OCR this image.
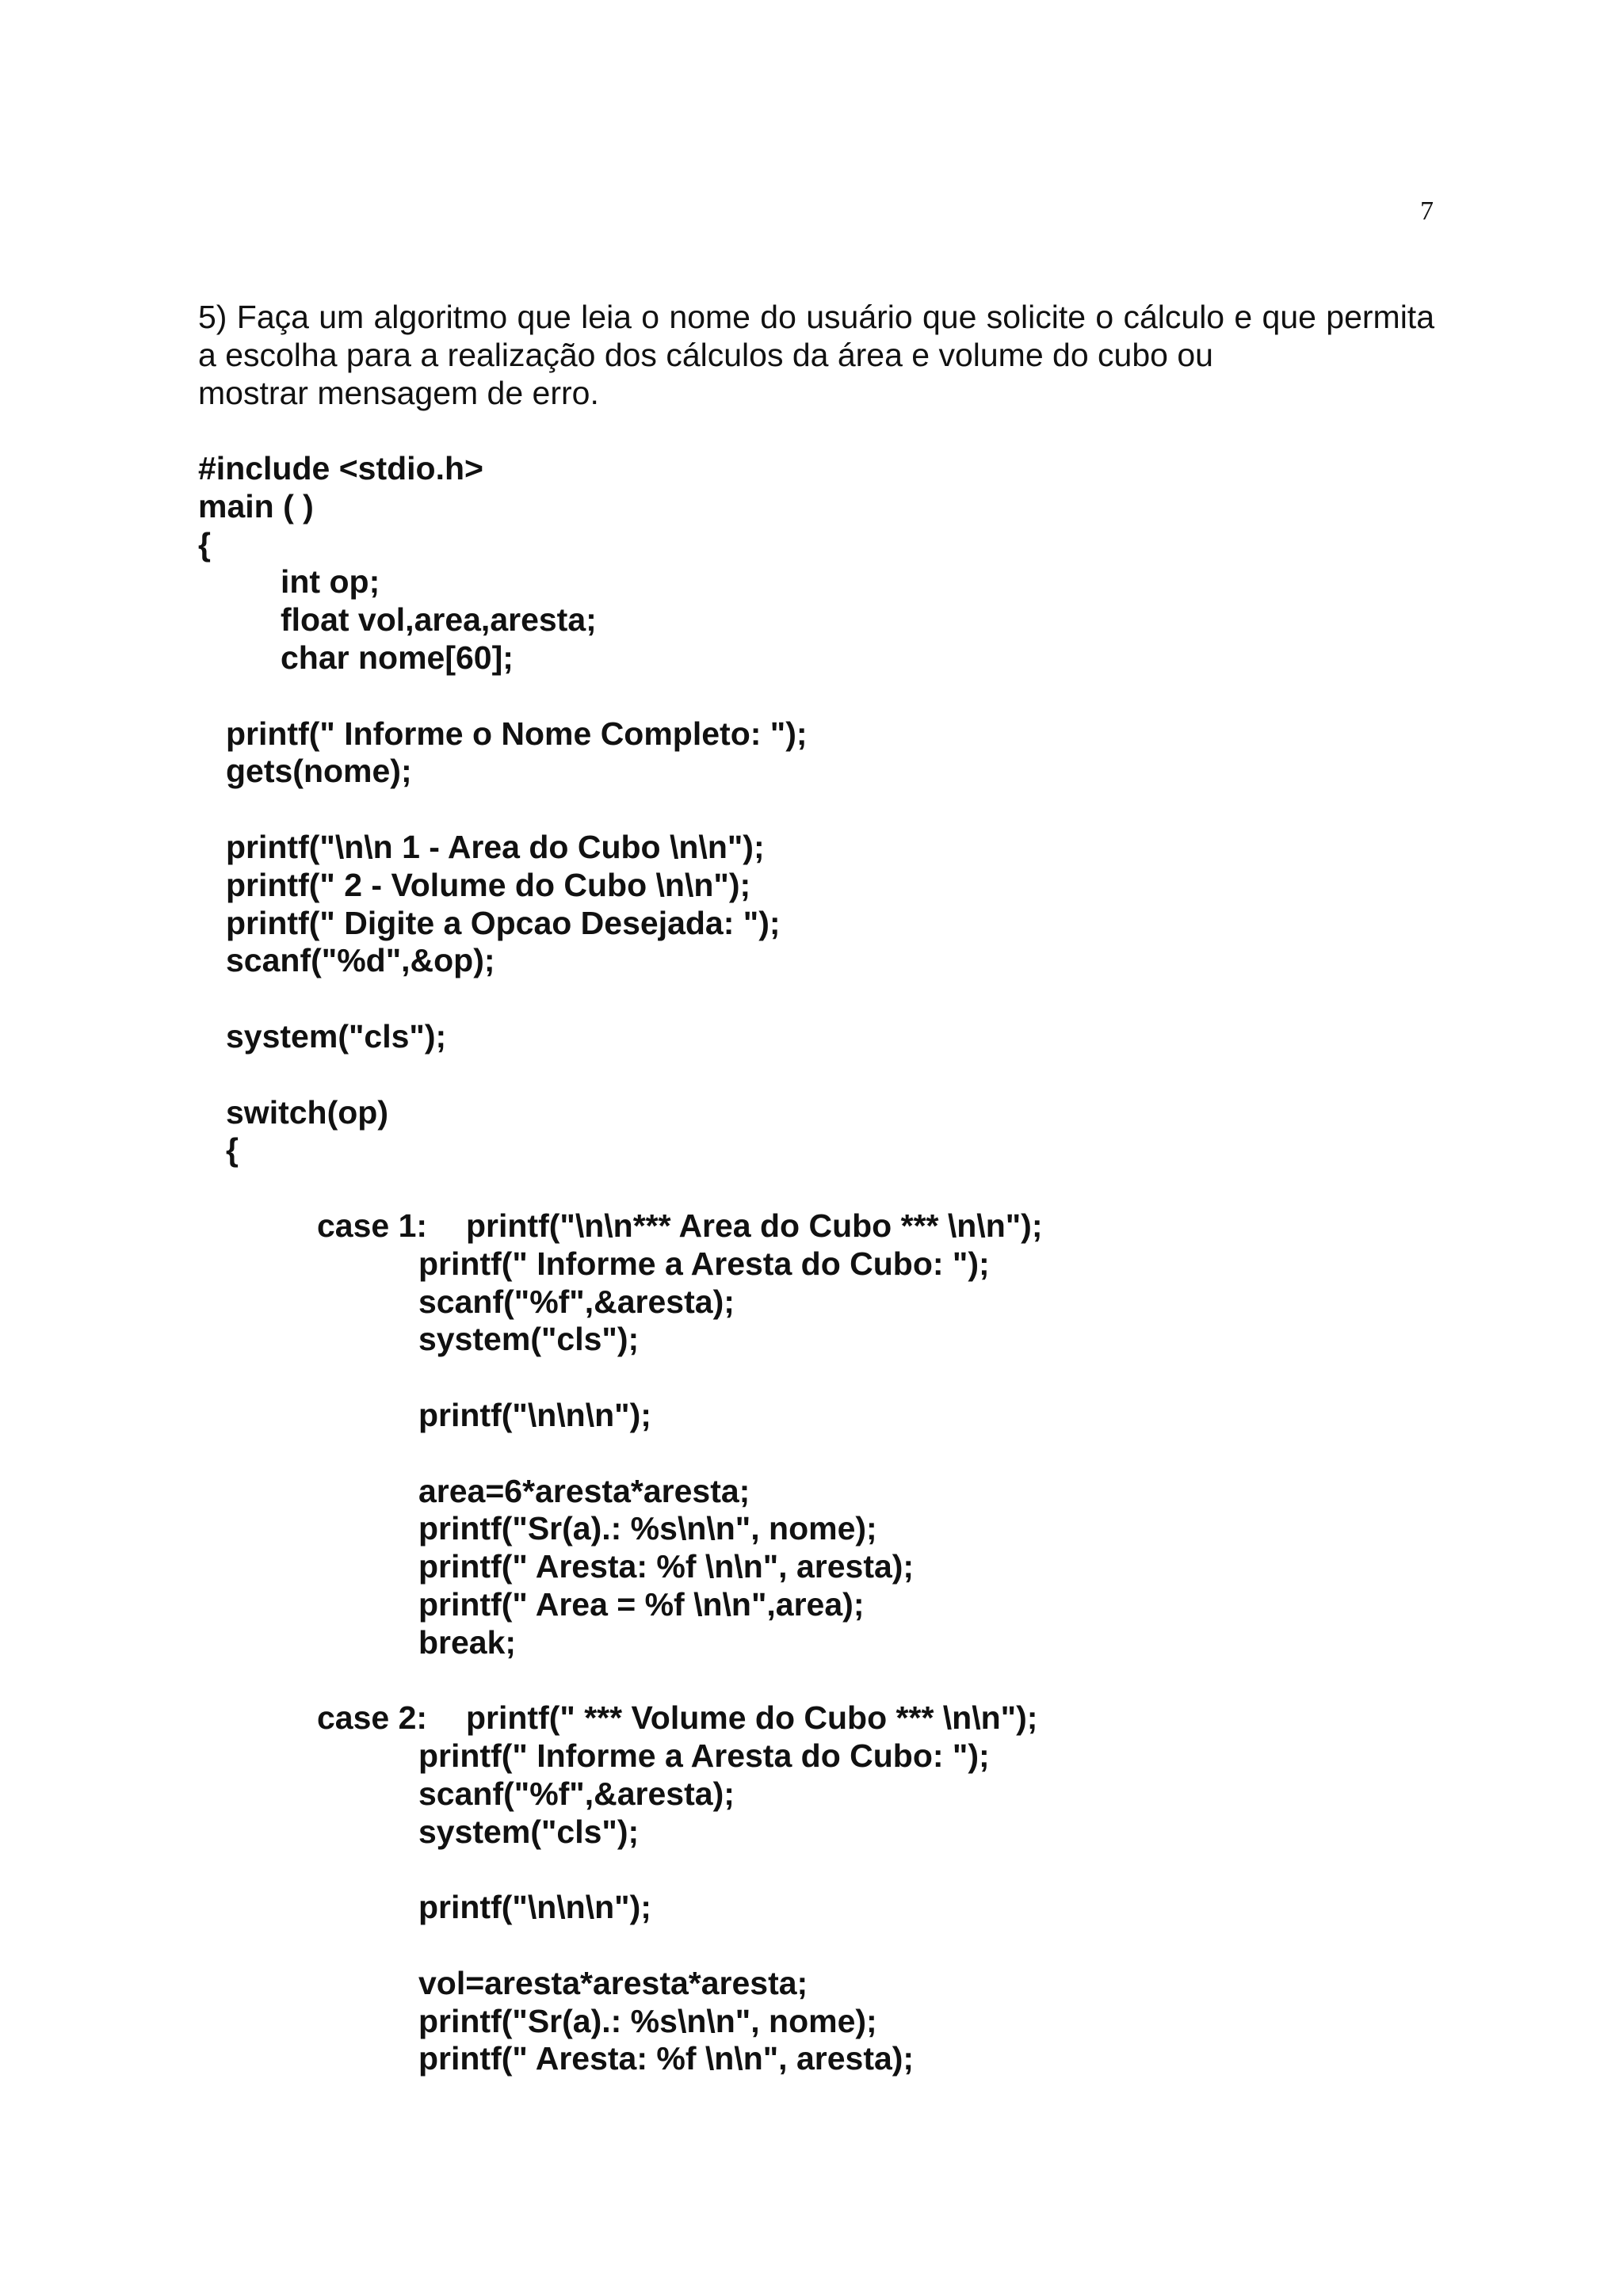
7

5) Faça um algoritmo que leia o nome do usuário que solicite o cálculo e que permita a escolha para a realização dos cálculos da área e volume do cubo ou
mostrar mensagem de erro.

#include <stdio.h>
main ( )
{
int op;
float vol,area,aresta;
char nome[60];
printf(" Informe o Nome Completo: ");
gets(nome);
printf("\n\n 1 - Area do Cubo \n\n");
printf(" 2 - Volume do Cubo \n\n");
printf(" Digite a Opcao Desejada: ");
scanf("%d",&op);
system("cls");
switch(op)
{
case 1: printf("\n\n*** Area do Cubo *** \n\n");
printf(" Informe a Aresta do Cubo: ");
scanf("%f",&aresta);
system("cls");
printf("\n\n\n");
area=6*aresta*aresta;
printf("Sr(a).: %s\n\n", nome);
printf(" Aresta: %f \n\n", aresta);
printf(" Area = %f \n\n",area);
break;
case 2: printf(" *** Volume do Cubo *** \n\n");
printf(" Informe a Aresta do Cubo: ");
scanf("%f",&aresta);
system("cls");
printf("\n\n\n");
vol=aresta*aresta*aresta;
printf("Sr(a).: %s\n\n", nome);
printf(" Aresta: %f \n\n", aresta);
